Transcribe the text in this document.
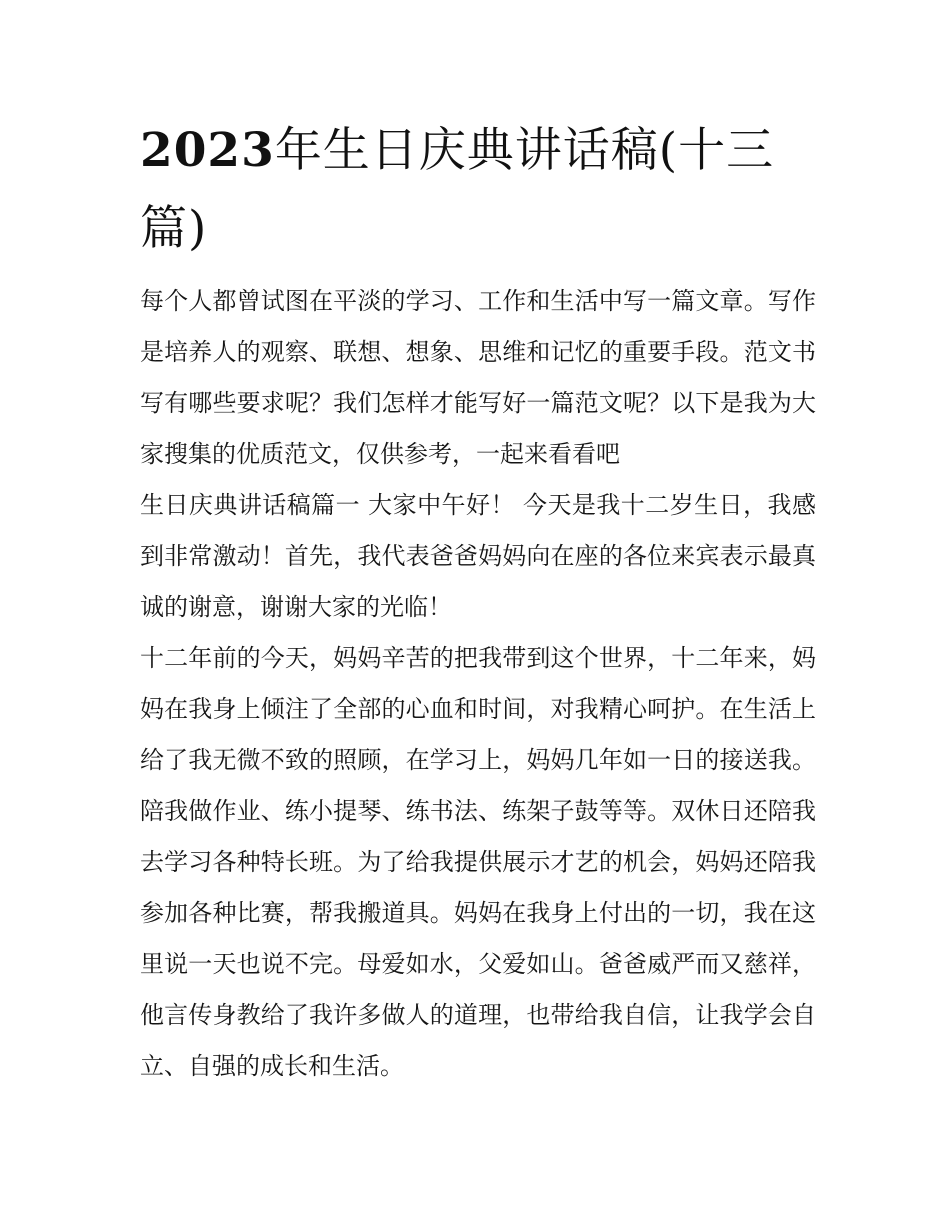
2023年生日庆典讲话稿(十三篇)

每个人都曾试图在平淡的学习、工作和生活中写一篇文章。写作是培养人的观察、联想、想象、思维和记忆的重要手段。范文书写有哪些要求呢？我们怎样才能写好一篇范文呢？以下是我为大家搜集的优质范文，仅供参考，一起来看看吧

生日庆典讲话稿篇一 大家中午好！ 今天是我十二岁生日，我感到非常激动！首先，我代表爸爸妈妈向在座的各位来宾表示最真诚的谢意，谢谢大家的光临！

十二年前的今天，妈妈辛苦的把我带到这个世界，十二年来，妈妈在我身上倾注了全部的心血和时间，对我精心呵护。在生活上给了我无微不致的照顾，在学习上，妈妈几年如一日的接送我。陪我做作业、练小提琴、练书法、练架子鼓等等。双休日还陪我去学习各种特长班。为了给我提供展示才艺的机会，妈妈还陪我参加各种比赛，帮我搬道具。妈妈在我身上付出的一切，我在这里说一天也说不完。母爱如水，父爱如山。爸爸威严而又慈祥，他言传身教给了我许多做人的道理，也带给我自信，让我学会自立、自强的成长和生活。
